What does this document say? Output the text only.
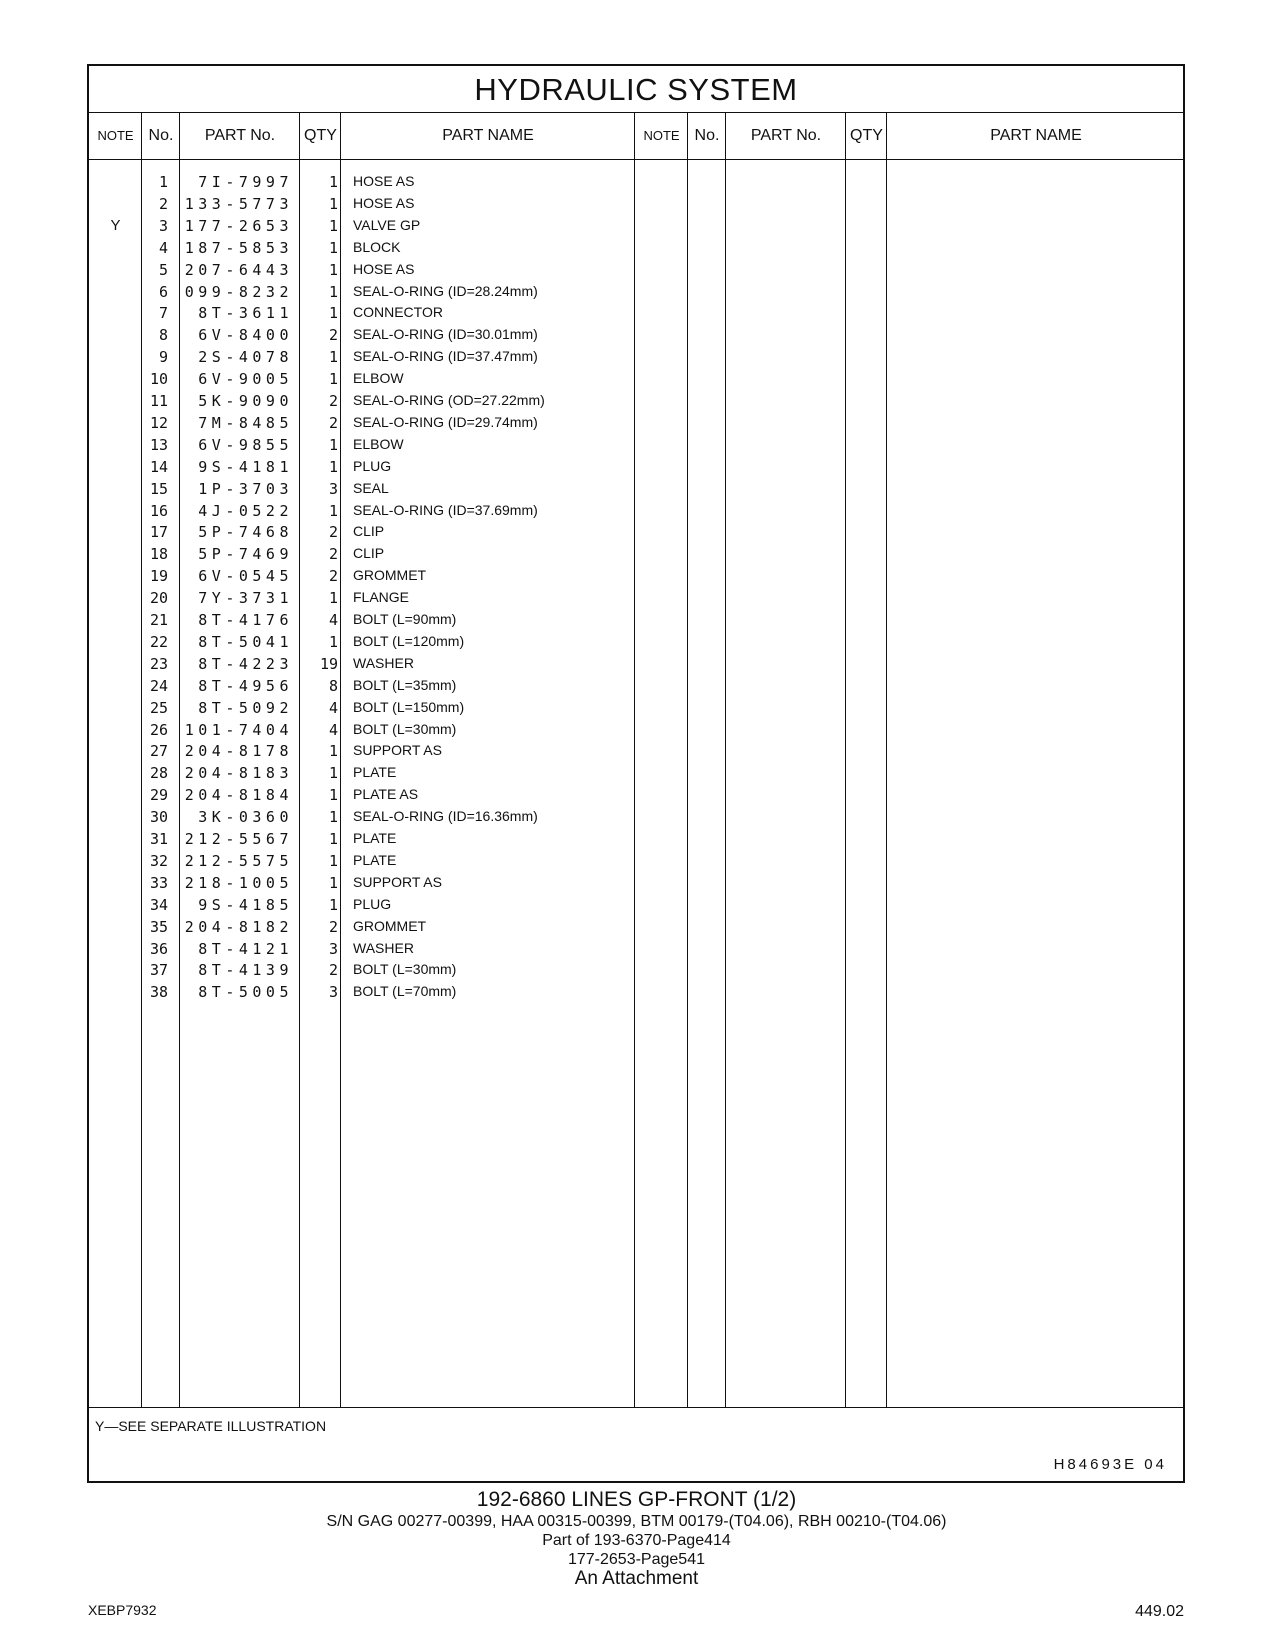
HYDRAULIC SYSTEM
NOTE No.	PART No.	QTY	PART NAME	NOTE No.	PART No.	QTY	PART NAME
1	7I-7997	1 HOSE AS
2	133-5773	1 HOSE AS
Y	3	177-2653	1 VALVE GP
4	187-5853	1 BLOCK
5	207-6443	1 HOSE AS
6	099-8232	1 SEAL-O-RING (ID=28.24mm)
7	8T-3611	1 CONNECTOR
8	6V-8400	2 SEAL-O-RING (ID=30.01mm)
9	2S-4078	1 SEAL-O-RING (ID=37.47mm)
10	6V-9005	1 ELBOW
11	5K-9090	2 SEAL-O-RING (OD=27.22mm)
12	7M-8485	2 SEAL-O-RING (ID=29.74mm)
13	6V-9855	1 ELBOW
14	9S-4181	1 PLUG
15	1P-3703	3 SEAL
16	4J-0522	1 SEAL-O-RING (ID=37.69mm)
17	5P-7468	2 CLIP
18	5P-7469	2 CLIP
19	6V-0545	2 GROMMET
20	7Y-3731	1 FLANGE
21	8T-4176	4 BOLT (L=90mm)
22	8T-5041	1 BOLT (L=120mm)
23	8T-4223	19 WASHER
24	8T-4956	8 BOLT (L=35mm)
25	8T-5092	4 BOLT (L=150mm)
26	101-7404	4 BOLT (L=30mm)
27	204-8178	1 SUPPORT AS
28	204-8183	1 PLATE
29	204-8184	1 PLATE AS
30	3K-0360	1 SEAL-O-RING (ID=16.36mm)
31	212-5567	1 PLATE
32	212-5575	1 PLATE
33	218-1005	1 SUPPORT AS
34	9S-4185	1 PLUG
35	204-8182	2 GROMMET
36	8T-4121	3 WASHER
37	8T-4139	2 BOLT (L=30mm)
38	8T-5005	3 BOLT (L=70mm)
Y—SEE SEPARATE ILLUSTRATION
H84693E 04
192-6860 LINES GP-FRONT (1/2)
S/N GAG 00277-00399, HAA 00315-00399, BTM 00179-(T04.06), RBH 00210-(T04.06)
Part of 193-6370-Page414
177-2653-Page541
An Attachment
XEBP7932	449.02
